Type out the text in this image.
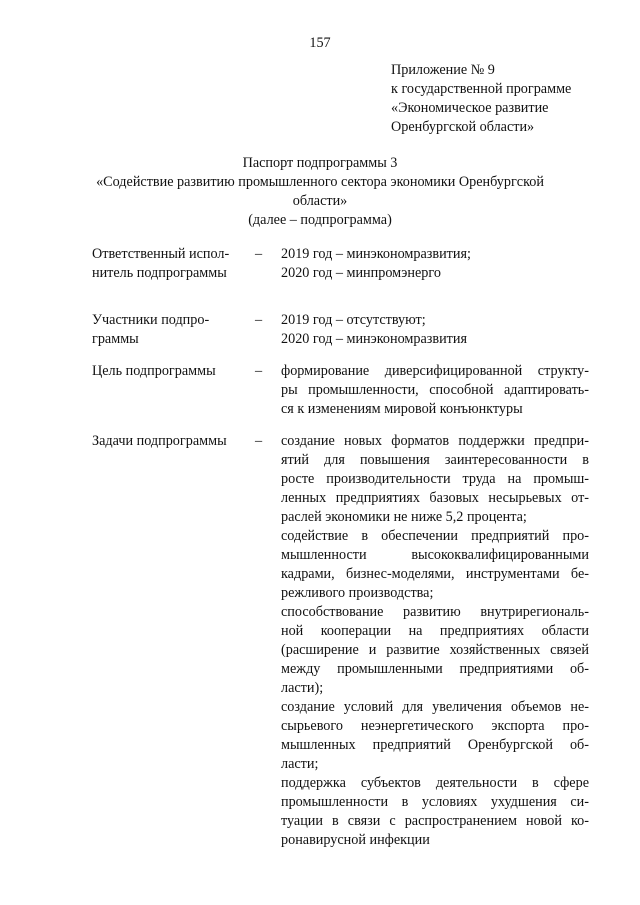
157
Приложение № 9
к государственной программе
«Экономическое развитие
Оренбургской области»
Паспорт подпрограммы 3
«Содействие развитию промышленного сектора экономики Оренбургской
области»
(далее – подпрограмма)
Ответственный испол-
нитель подпрограммы
– 2019 год – минэкономразвития;
2020 год – минпромэнерго
Участники подпро-
граммы
– 2019 год – отсутствуют;
2020 год – минэкономразвития
Цель подпрограммы	– формирование диверсифицированной структу-
ры промышленности, способной адаптировать-
ся к изменениям мировой конъюнктуры
Задачи подпрограммы	– создание новых форматов поддержки предпри-
ятий для повышения заинтересованности в
росте производительности труда на промыш-
ленных предприятиях базовых несырьевых от-
раслей экономики не ниже 5,2 процента;
содействие в обеспечении предприятий про-
мышленности высококвалифицированными
кадрами, бизнес-моделями, инструментами бе-
режливого производства;
способствование развитию внутрирегиональ-
ной кооперации на предприятиях области
(расширение и развитие хозяйственных связей
между промышленными предприятиями об-
ласти);
создание условий для увеличения объемов не-
сырьевого неэнергетического экспорта про-
мышленных предприятий Оренбургской об-
ласти;
поддержка субъектов деятельности в сфере
промышленности в условиях ухудшения си-
туации в связи с распространением новой ко-
ронавирусной инфекции
